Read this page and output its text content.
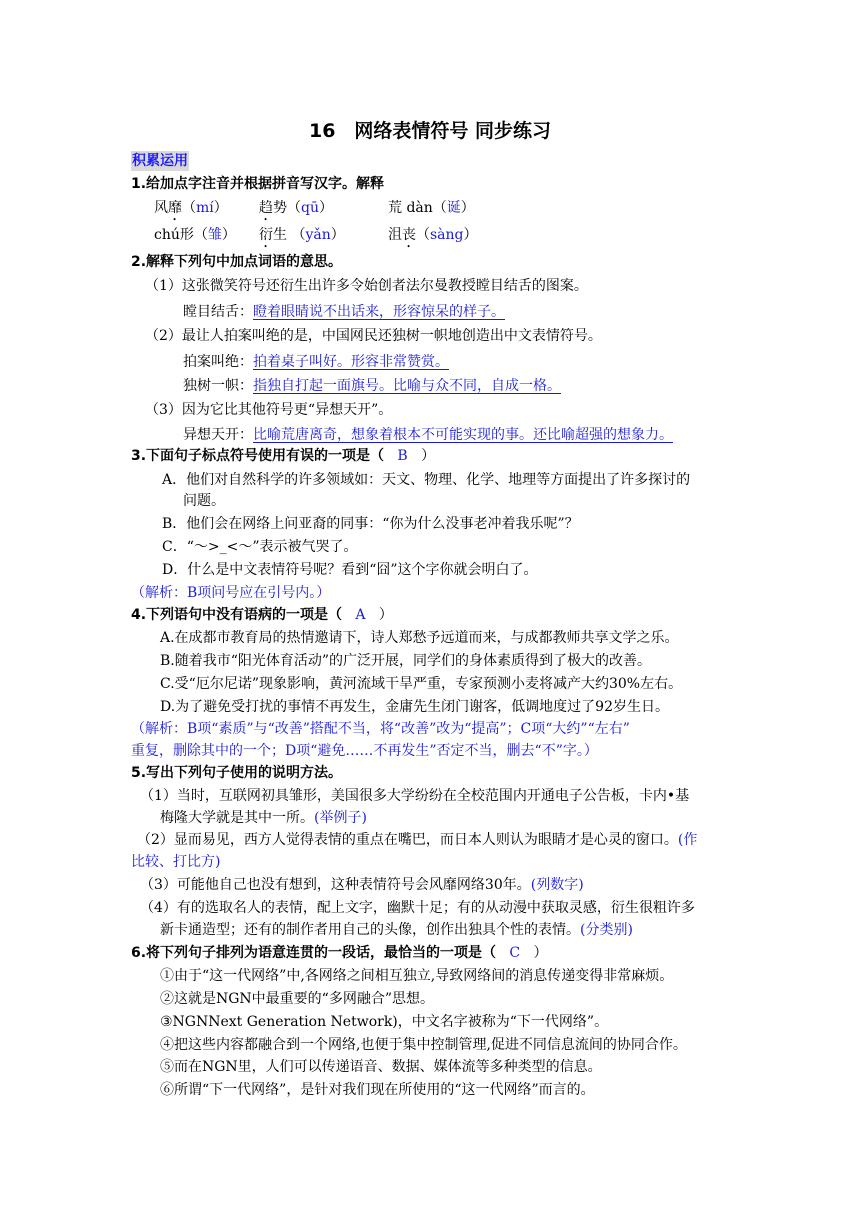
16　网络表情符号 同步练习
积累运用
1.给加点字注音并根据拼音写汉字。解释
风靡（mí） 趋势（qū）	荒 dàn（诞）
chú形（雏） 衍生 （yǎn）	沮丧（sàng）
2.解释下列句中加点词语的意思。
（1）这张微笑符号还衍生出许多令始创者法尔曼教授瞠目结舌的图案。
瞠目结舌：瞪着眼睛说不出话来，形容惊呆的样子。
（2）最让人拍案叫绝的是，中国网民还独树一帜地创造出中文表情符号。
拍案叫绝：拍着桌子叫好。形容非常赞赏。
独树一帜：指独自打起一面旗号。比喻与众不同，自成一格。
（3）因为它比其他符号更“异想天开”。
异想天开：比喻荒唐离奇，想象着根本不可能实现的事。还比喻超强的想象力。
3.下面句子标点符号使用有误的一项是（ B ）
A．他们对自然科学的许多领域如：天文、物理、化学、地理等方面提出了许多探讨的
问题。
B．他们会在网络上问亚裔的同事：“你为什么没事老冲着我乐呢”？
C．“～>_<～”表示被气哭了。
D．什么是中文表情符号呢？看到“囧”这个字你就会明白了。
（解析：B项问号应在引号内。）
4.下列语句中没有语病的一项是（ A ）
A.在成都市教育局的热情邀请下，诗人郑愁予远道而来，与成都教师共享文学之乐。
B.随着我市“阳光体育活动”的广泛开展，同学们的身体素质得到了极大的改善。
C.受“厄尔尼诺”现象影响，黄河流域干旱严重，专家预测小麦将减产大约30%左右。
D.为了避免受打扰的事情不再发生，金庸先生闭门谢客，低调地度过了92岁生日。
（解析：B项“素质”与“改善”搭配不当，将“改善”改为“提高”；C项“大约”“左右”
重复，删除其中的一个；D项“避免……不再发生”否定不当，删去“不”字。）
5.写出下列句子使用的说明方法。
（1）当时，互联网初具雏形，美国很多大学纷纷在全校范围内开通电子公告板，卡内•基
梅隆大学就是其中一所。(举例子)
（2）显而易见，西方人觉得表情的重点在嘴巴，而日本人则认为眼睛才是心灵的窗口。(作
比较、打比方)
（3）可能他自己也没有想到，这种表情符号会风靡网络30年。(列数字)
（4）有的选取名人的表情，配上文字，幽默十足；有的从动漫中获取灵感，衍生很粗许多
新卡通造型；还有的制作者用自己的头像，创作出独具个性的表情。(分类别)
6.将下列句子排列为语意连贯的一段话，最恰当的一项是（ C ）
①由于“这一代网络”中,各网络之间相互独立,导致网络间的消息传递变得非常麻烦。
②这就是NGN中最重要的“多网融合”思想。
③NGNNext Generation Network)，中文名字被称为“下一代网络”。
④把这些内容都融合到一个网络,也便于集中控制管理,促进不同信息流间的协同合作。
⑤而在NGN里，人们可以传递语音、数据、媒体流等多种类型的信息。
⑥所谓“下一代网络”，是针对我们现在所使用的“这一代网络”而言的。
